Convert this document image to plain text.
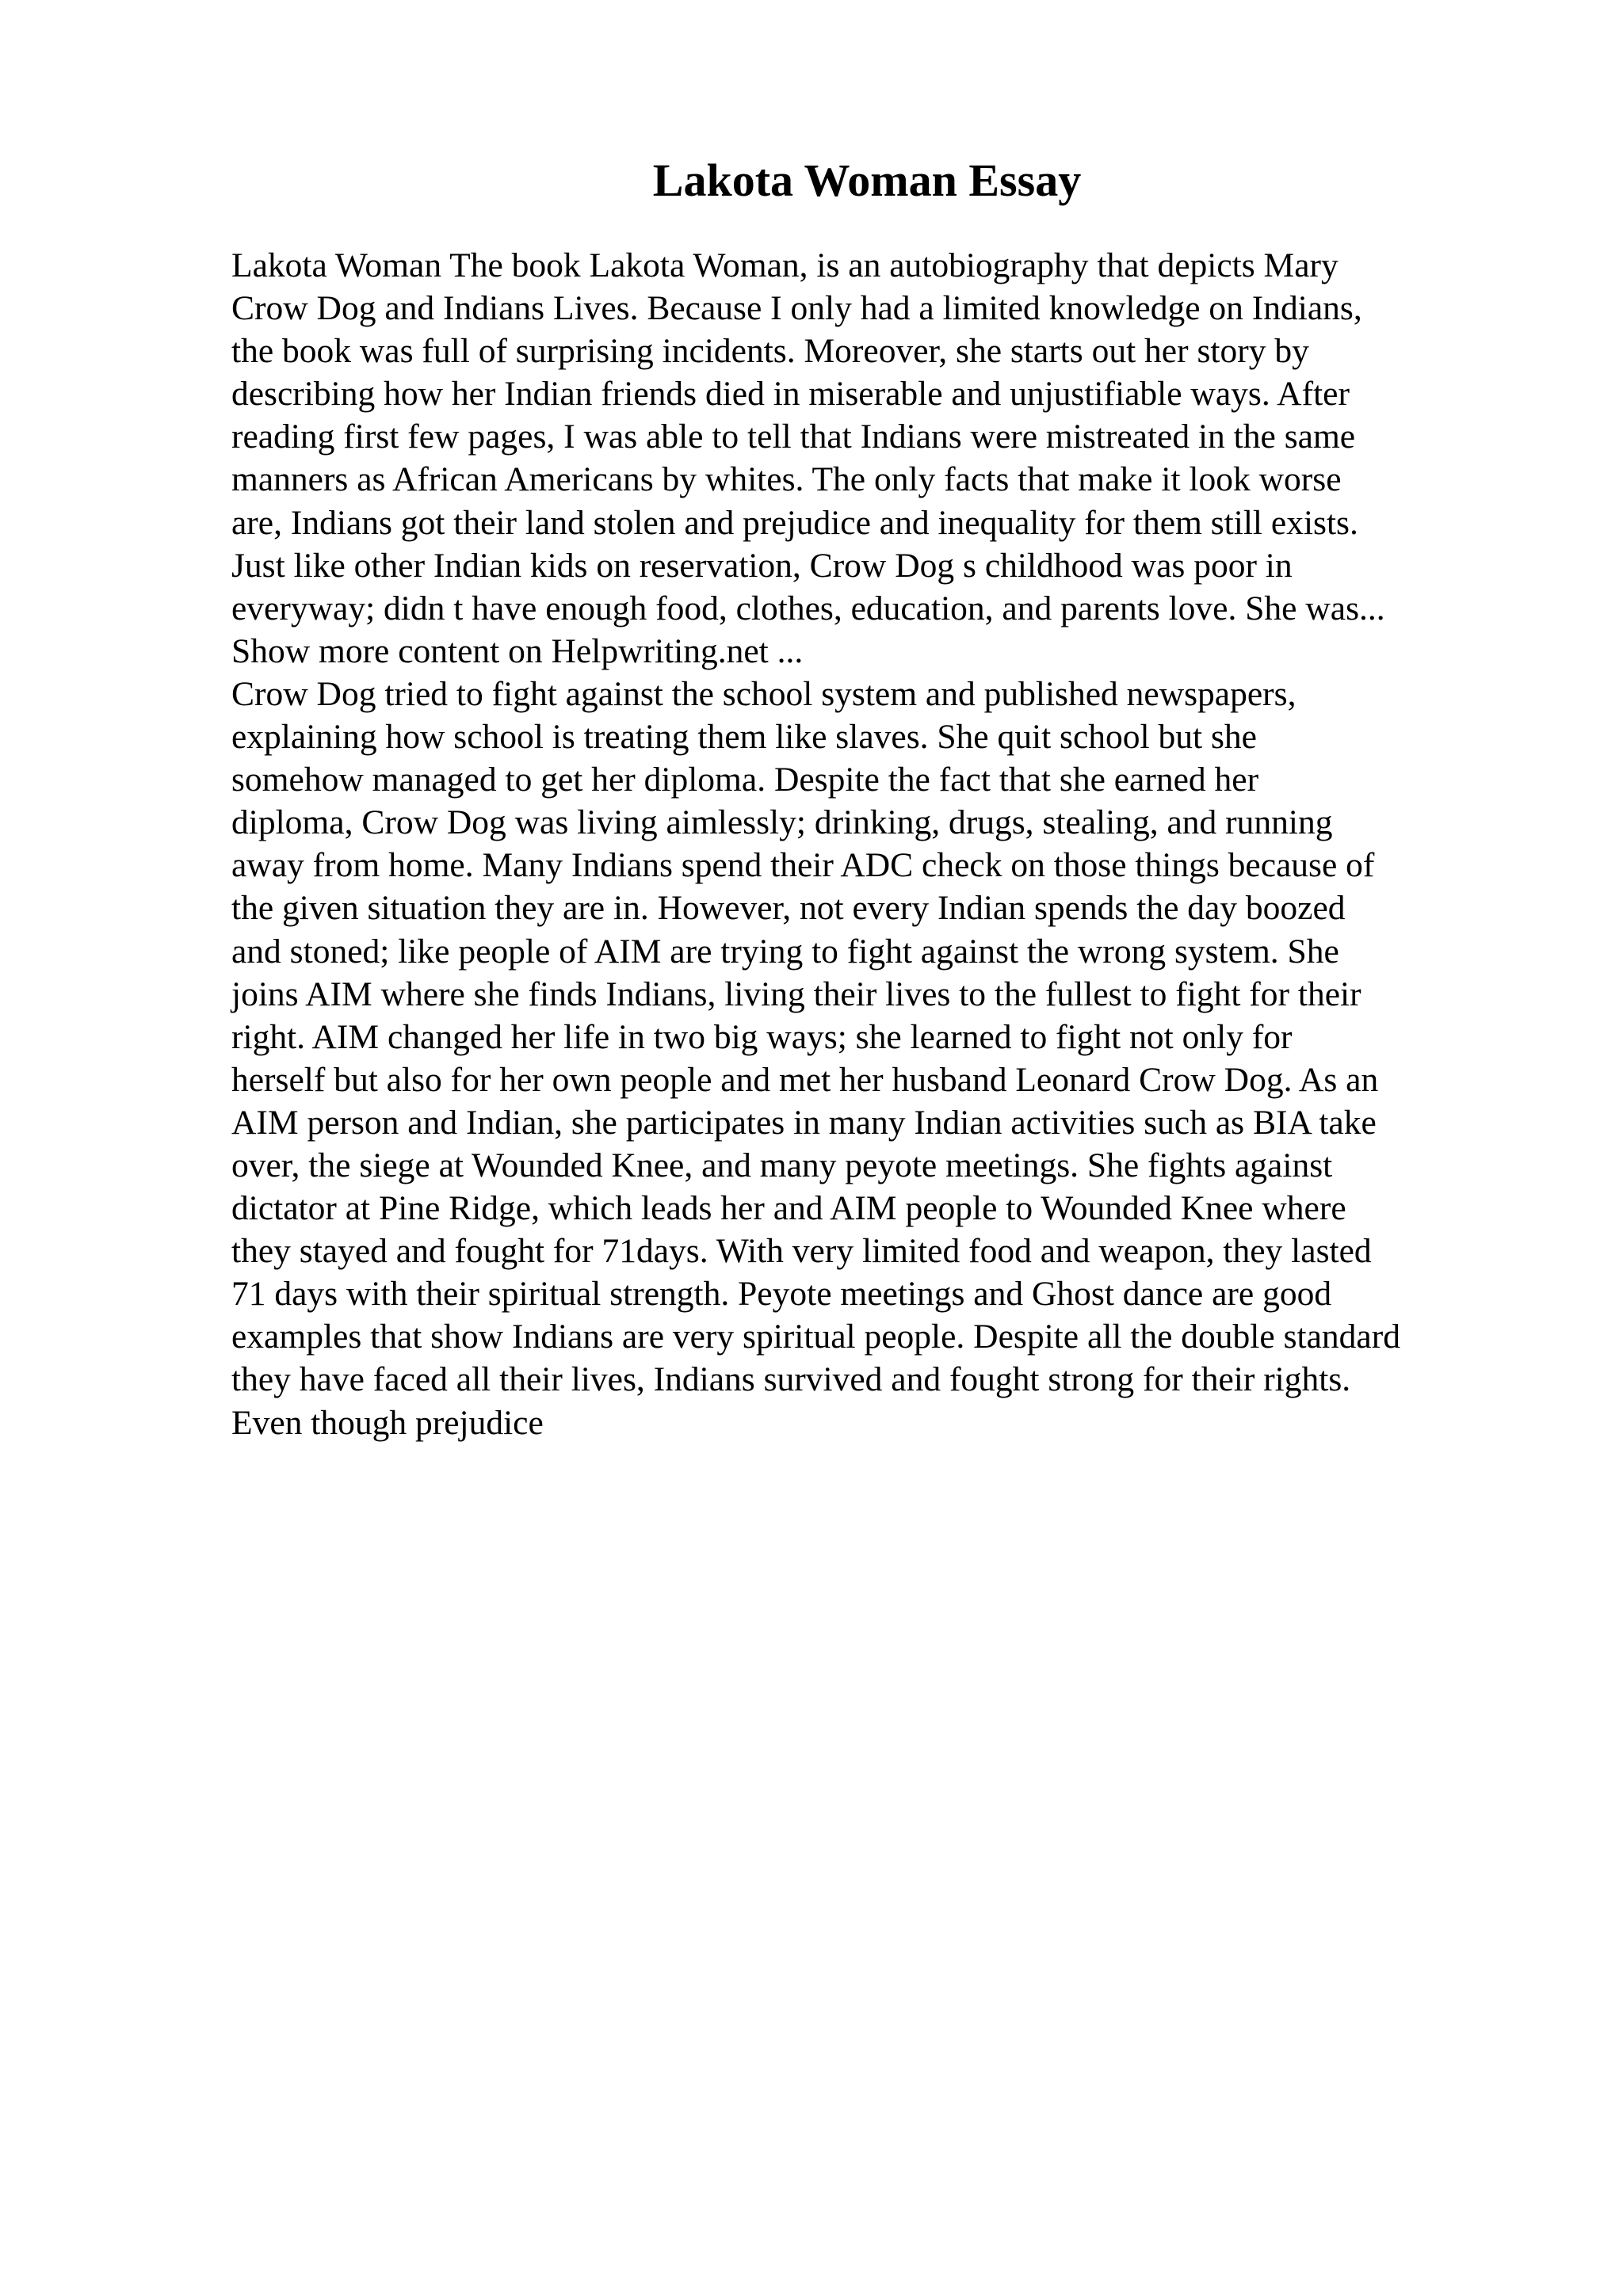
Lakota Woman Essay
Lakota Woman The book Lakota Woman, is an autobiography that depicts Mary
Crow Dog and Indians Lives. Because I only had a limited knowledge on Indians,
the book was full of surprising incidents. Moreover, she starts out her story by
describing how her Indian friends died in miserable and unjustifiable ways. After
reading first few pages, I was able to tell that Indians were mistreated in the same
manners as African Americans by whites. The only facts that make it look worse
are, Indians got their land stolen and prejudice and inequality for them still exists.
Just like other Indian kids on reservation, Crow Dog s childhood was poor in
everyway; didn t have enough food, clothes, education, and parents love. She was...
Show more content on Helpwriting.net ...
Crow Dog tried to fight against the school system and published newspapers,
explaining how school is treating them like slaves. She quit school but she
somehow managed to get her diploma. Despite the fact that she earned her
diploma, Crow Dog was living aimlessly; drinking, drugs, stealing, and running
away from home. Many Indians spend their ADC check on those things because of
the given situation they are in. However, not every Indian spends the day boozed
and stoned; like people of AIM are trying to fight against the wrong system. She
joins AIM where she finds Indians, living their lives to the fullest to fight for their
right. AIM changed her life in two big ways; she learned to fight not only for
herself but also for her own people and met her husband Leonard Crow Dog. As an
AIM person and Indian, she participates in many Indian activities such as BIA take
over, the siege at Wounded Knee, and many peyote meetings. She fights against
dictator at Pine Ridge, which leads her and AIM people to Wounded Knee where
they stayed and fought for 71days. With very limited food and weapon, they lasted
71 days with their spiritual strength. Peyote meetings and Ghost dance are good
examples that show Indians are very spiritual people. Despite all the double standard
they have faced all their lives, Indians survived and fought strong for their rights.
Even though prejudice
